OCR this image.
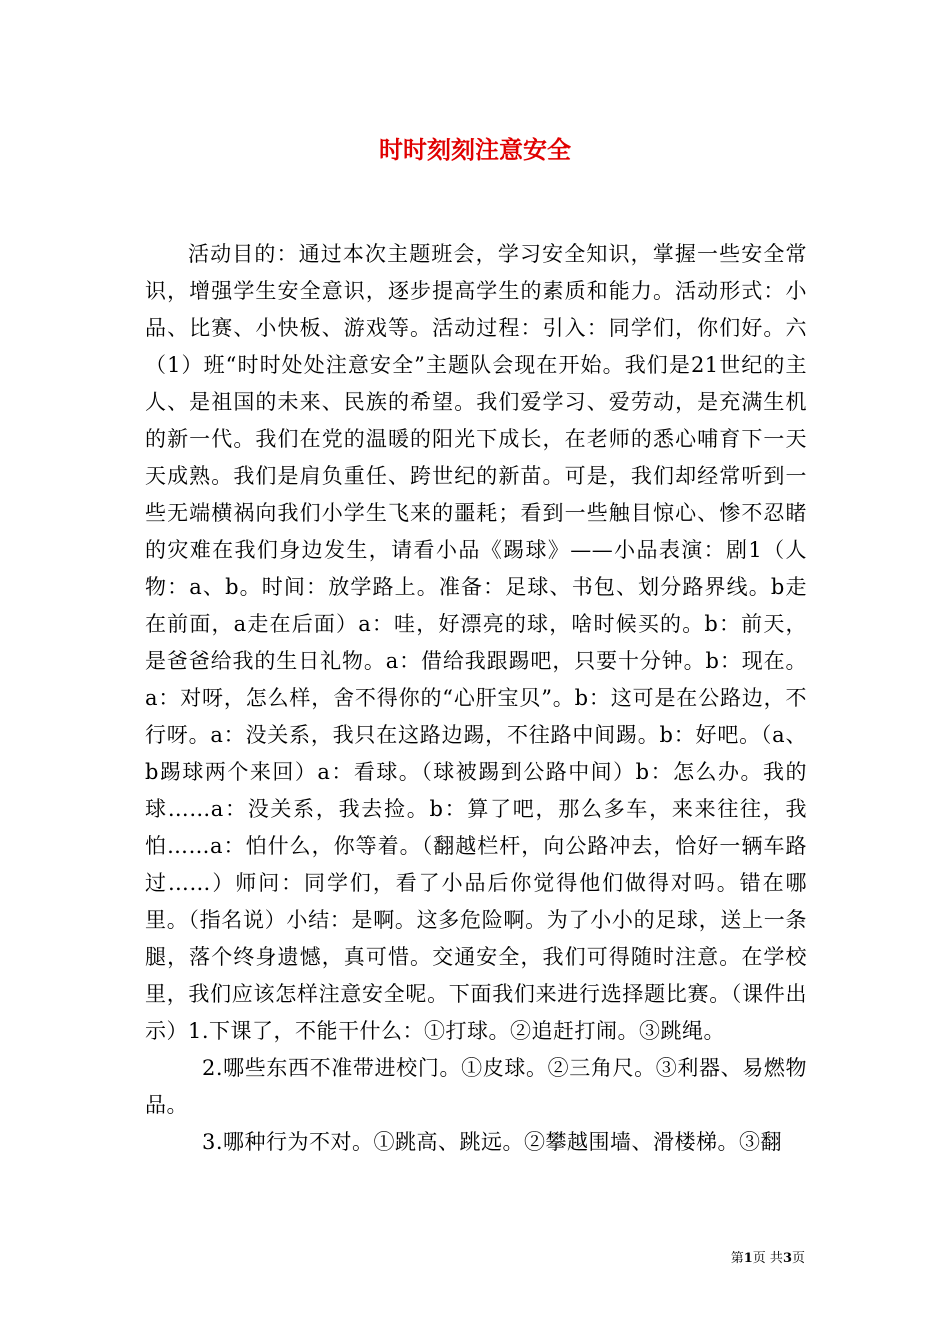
时时刻刻注意安全

活动目的：通过本次主题班会，学习安全知识，掌握一些安全常识，增强学生安全意识，逐步提高学生的素质和能力。活动形式：小品、比赛、小快板、游戏等。活动过程：引入：同学们，你们好。六（1）班“时时处处注意安全”主题队会现在开始。我们是21世纪的主人、是祖国的未来、民族的希望。我们爱学习、爱劳动，是充满生机的新一代。我们在党的温暖的阳光下成长，在老师的悉心哺育下一天天成熟。我们是肩负重任、跨世纪的新苗。可是，我们却经常听到一些无端横祸向我们小学生飞来的噩耗；看到一些触目惊心、惨不忍睹的灾难在我们身边发生，请看小品《踢球》——小品表演：剧1（人物：a、b。时间：放学路上。准备：足球、书包、划分路界线。b走在前面，a走在后面）a：哇，好漂亮的球，啥时候买的。b：前天，是爸爸给我的生日礼物。a：借给我跟踢吧，只要十分钟。b：现在。a：对呀，怎么样，舍不得你的“心肝宝贝”。b：这可是在公路边，不行呀。a：没关系，我只在这路边踢，不往路中间踢。b：好吧。（a、b踢球两个来回）a：看球。（球被踢到公路中间）b：怎么办。我的球……a：没关系，我去捡。b：算了吧，那么多车，来来往往，我怕……a：怕什么，你等着。（翻越栏杆，向公路冲去，恰好一辆车路过……）师问：同学们，看了小品后你觉得他们做得对吗。错在哪里。（指名说）小结：是啊。这多危险啊。为了小小的足球，送上一条腿，落个终身遗憾，真可惜。交通安全，我们可得随时注意。在学校里，我们应该怎样注意安全呢。下面我们来进行选择题比赛。（课件出示）1.下课了，不能干什么：①打球。②追赶打闹。③跳绳。

2.哪些东西不准带进校门。①皮球。②三角尺。③利器、易燃物品。

3.哪种行为不对。①跳高、跳远。②攀越围墙、滑楼梯。③翻

第1页 共3页
